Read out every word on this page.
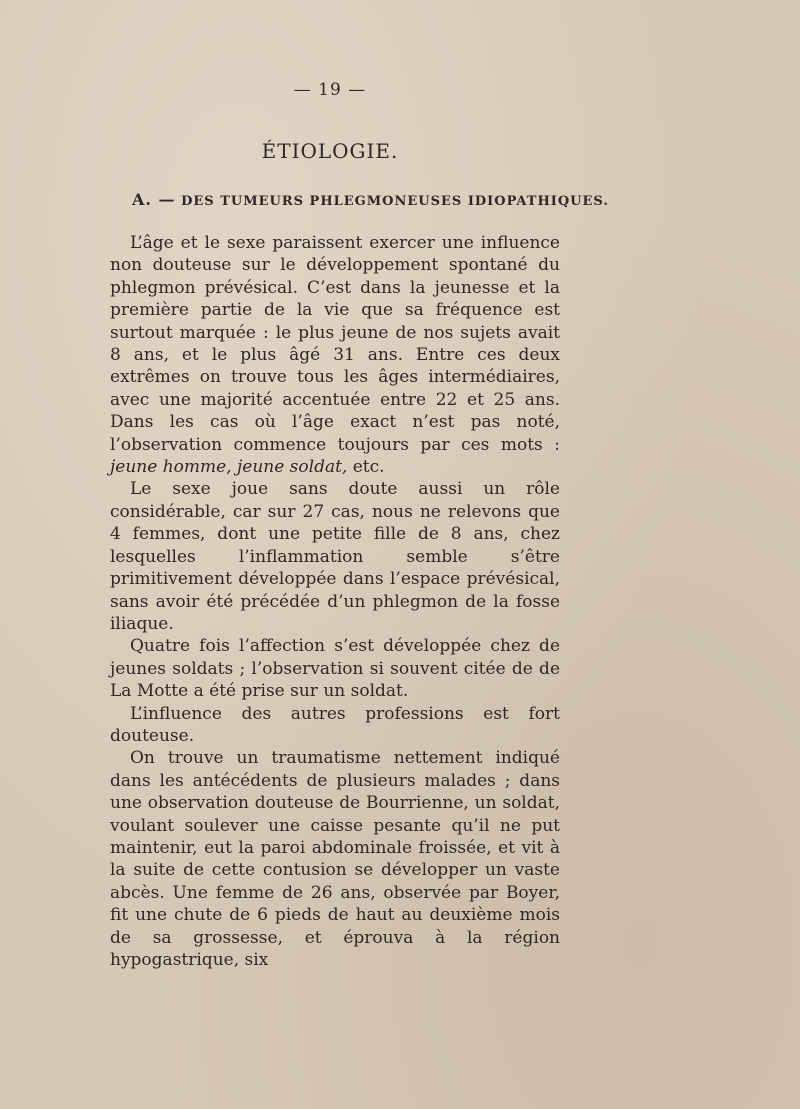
— 19 —
ÉTIOLOGIE.
A. — DES TUMEURS PHLEGMONEUSES IDIOPATHIQUES.

L’âge et le sexe paraissent exercer une influence non douteuse sur le développement spontané du phlegmon prévésical. C’est dans la jeunesse et la première partie de la vie que sa fréquence est surtout marquée : le plus jeune de nos sujets avait 8 ans, et le plus âgé 31 ans. Entre ces deux extrêmes on trouve tous les âges intermédiaires, avec une majorité accentuée entre 22 et 25 ans. Dans les cas où l’âge exact n’est pas noté, l’observation commence toujours par ces mots : jeune homme, jeune soldat, etc.

Le sexe joue sans doute aussi un rôle considérable, car sur 27 cas, nous ne relevons que 4 femmes, dont une petite fille de 8 ans, chez lesquelles l’inflammation semble s’être primitivement développée dans l’espace prévésical, sans avoir été précédée d’un phlegmon de la fosse iliaque.

Quatre fois l’affection s’est développée chez de jeunes soldats ; l’observation si souvent citée de de La Motte a été prise sur un soldat.

L’influence des autres professions est fort douteuse.

On trouve un traumatisme nettement indiqué dans les antécédents de plusieurs malades ; dans une observation douteuse de Bourrienne, un soldat, voulant soulever une caisse pesante qu’il ne put maintenir, eut la paroi abdominale froissée, et vit à la suite de cette contusion se développer un vaste abcès. Une femme de 26 ans, observée par Boyer, fit une chute de 6 pieds de haut au deuxième mois de sa grossesse, et éprouva à la région hypogastrique, six
